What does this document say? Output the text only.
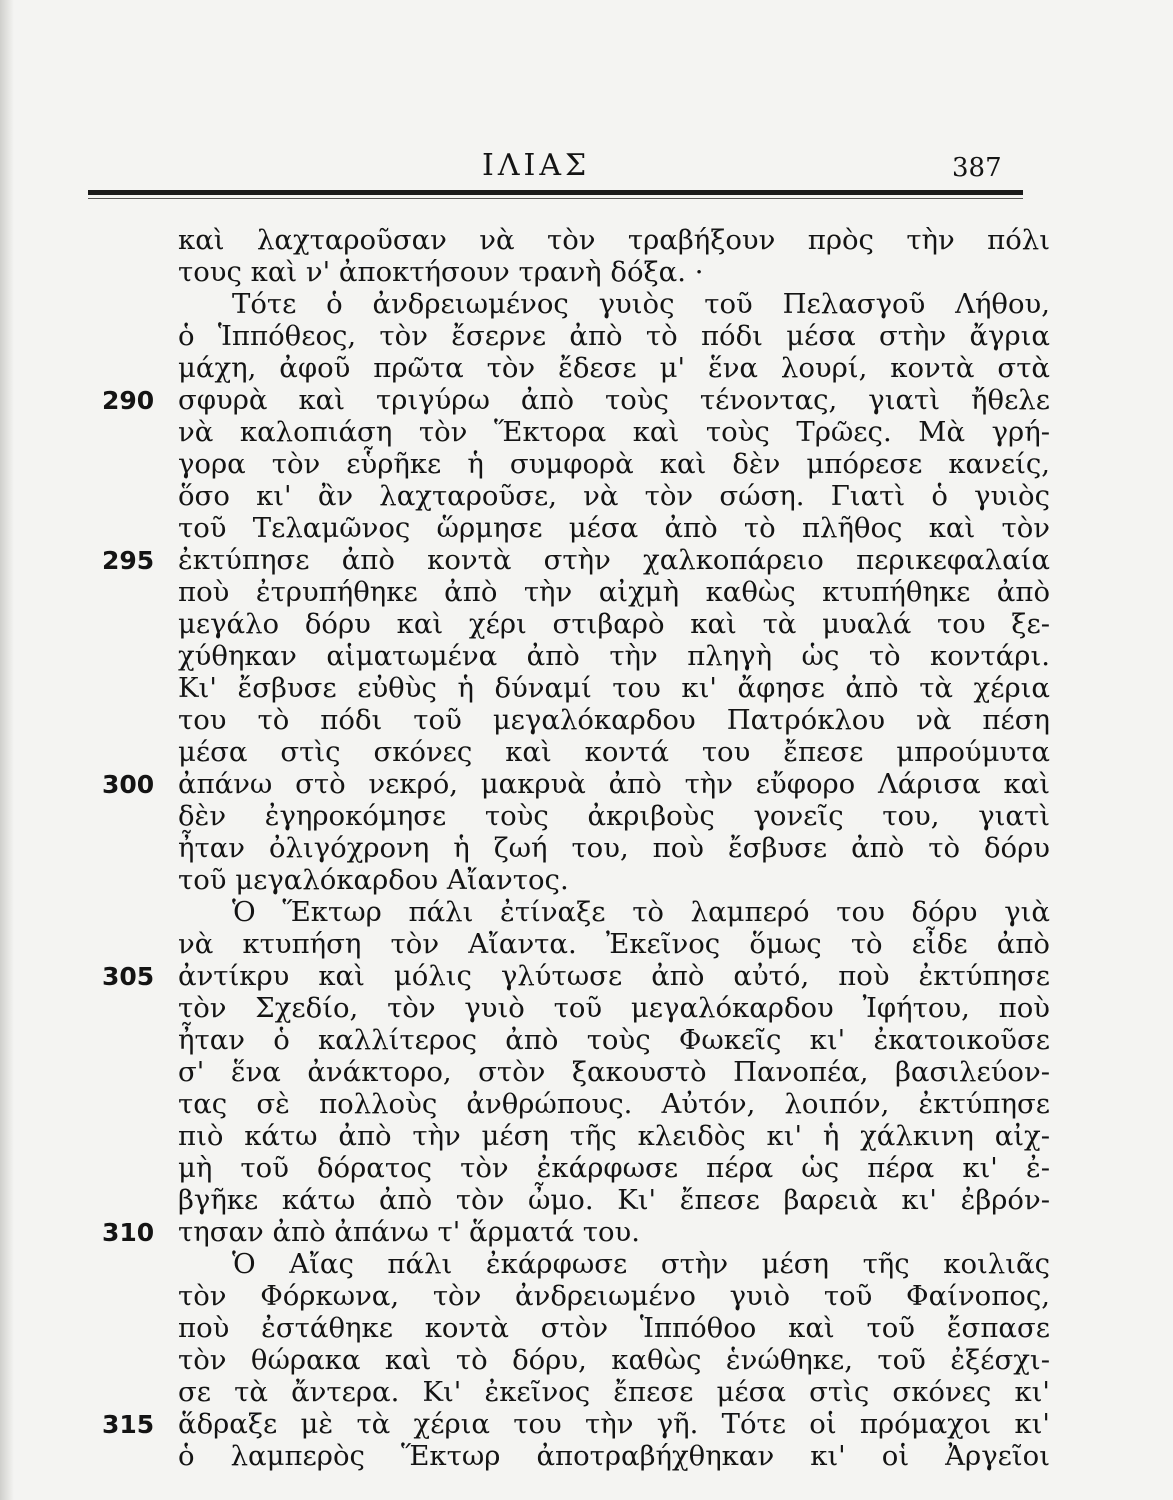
ΙΛΙΑΣ	387
καὶ λαχταροῦσαν νὰ τὸν τραβήξουν πρὸς τὴν πόλι
τους καὶ ν' ἀποκτήσουν τρανὴ δόξα. ·
Τότε ὁ ἀνδρειωμένος γυιὸς τοῦ Πελασγοῦ Λήθου,
ὁ Ἱππόθεος, τὸν ἔσερνε ἀπὸ τὸ πόδι μέσα στὴν ἄγρια
μάχη, ἀφοῦ πρῶτα τὸν ἔδεσε μ' ἕνα λουρί, κοντὰ στὰ
290 σφυρὰ καὶ τριγύρω ἀπὸ τοὺς τένοντας, γιατὶ ἤθελε
νὰ καλοπιάση τὸν Ἕκτορα καὶ τοὺς Τρῶες. Μὰ γρή-
γορα τὸν εὗρῆκε ἡ συμφορὰ καὶ δὲν μπόρεσε κανείς,
ὅσο κι' ἂν λαχταροῦσε, νὰ τὸν σώση. Γιατὶ ὁ γυιὸς
τοῦ Τελαμῶνος ὥρμησε μέσα ἀπὸ τὸ πλῆθος καὶ τὸν
295 ἐκτύπησε ἀπὸ κοντὰ στὴν χαλκοπάρειο περικεφαλαία
ποὺ ἐτρυπήθηκε ἀπὸ τὴν αἰχμὴ καθὼς κτυπήθηκε ἀπὸ
μεγάλο δόρυ καὶ χέρι στιβαρὸ καὶ τὰ μυαλά του ξε-
χύθηκαν αἱματωμένα ἀπὸ τὴν πληγὴ ὡς τὸ κοντάρι.
Κι' ἔσβυσε εὐθὺς ἡ δύναμί του κι' ἄφησε ἀπὸ τὰ χέρια
του τὸ πόδι τοῦ μεγαλόκαρδου Πατρόκλου νὰ πέση
μέσα στὶς σκόνες καὶ κοντά του ἔπεσε μπρούμυτα
300 ἀπάνω στὸ νεκρό, μακρυὰ ἀπὸ τὴν εὔφορο Λάρισα καὶ
δὲν ἐγηροκόμησε τοὺς ἀκριβοὺς γονεῖς του, γιατὶ
ἦταν ὀλιγόχρονη ἡ ζωή του, ποὺ ἔσβυσε ἀπὸ τὸ δόρυ
τοῦ μεγαλόκαρδου Αἴαντος.
Ὁ Ἕκτωρ πάλι ἐτίναξε τὸ λαμπερό του δόρυ γιὰ
νὰ κτυπήση τὸν Αἴαντα. Ἐκεῖνος ὅμως τὸ εἶδε ἀπὸ
305 ἀντίκρυ καὶ μόλις γλύτωσε ἀπὸ αὐτό, ποὺ ἐκτύπησε
τὸν Σχεδίο, τὸν γυιὸ τοῦ μεγαλόκαρδου Ἰφήτου, ποὺ
ἦταν ὁ καλλίτερος ἀπὸ τοὺς Φωκεῖς κι' ἐκατοικοῦσε
σ' ἕνα ἀνάκτορο, στὸν ξακουστὸ Πανοπέα, βασιλεύον-
τας σὲ πολλοὺς ἀνθρώπους. Αὐτόν, λοιπόν, ἐκτύπησε
πιὸ κάτω ἀπὸ τὴν μέση τῆς κλειδὸς κι' ἡ χάλκινη αἰχ-
μὴ τοῦ δόρατος τὸν ἐκάρφωσε πέρα ὡς πέρα κι' ἐ-
βγῆκε κάτω ἀπὸ τὸν ὦμο. Κι' ἔπεσε βαρειὰ κι' ἐβρόν-
310 τησαν ἀπὸ ἀπάνω τ' ἅρματά του.
Ὁ Αἴας πάλι ἐκάρφωσε στὴν μέση τῆς κοιλιᾶς
τὸν Φόρκωνα, τὸν ἀνδρειωμένο γυιὸ τοῦ Φαίνοπος,
ποὺ ἐστάθηκε κοντὰ στὸν Ἱππόθοο καὶ τοῦ ἔσπασε
τὸν θώρακα καὶ τὸ δόρυ, καθὼς ἑνώθηκε, τοῦ ἐξέσχι-
σε τὰ ἄντερα. Κι' ἐκεῖνος ἔπεσε μέσα στὶς σκόνες κι'
315 ἅδραξε μὲ τὰ χέρια του τὴν γῆ. Τότε οἱ πρόμαχοι κι'
ὁ λαμπερὸς Ἕκτωρ ἀποτραβήχθηκαν κι' οἱ Ἀργεῖοι
